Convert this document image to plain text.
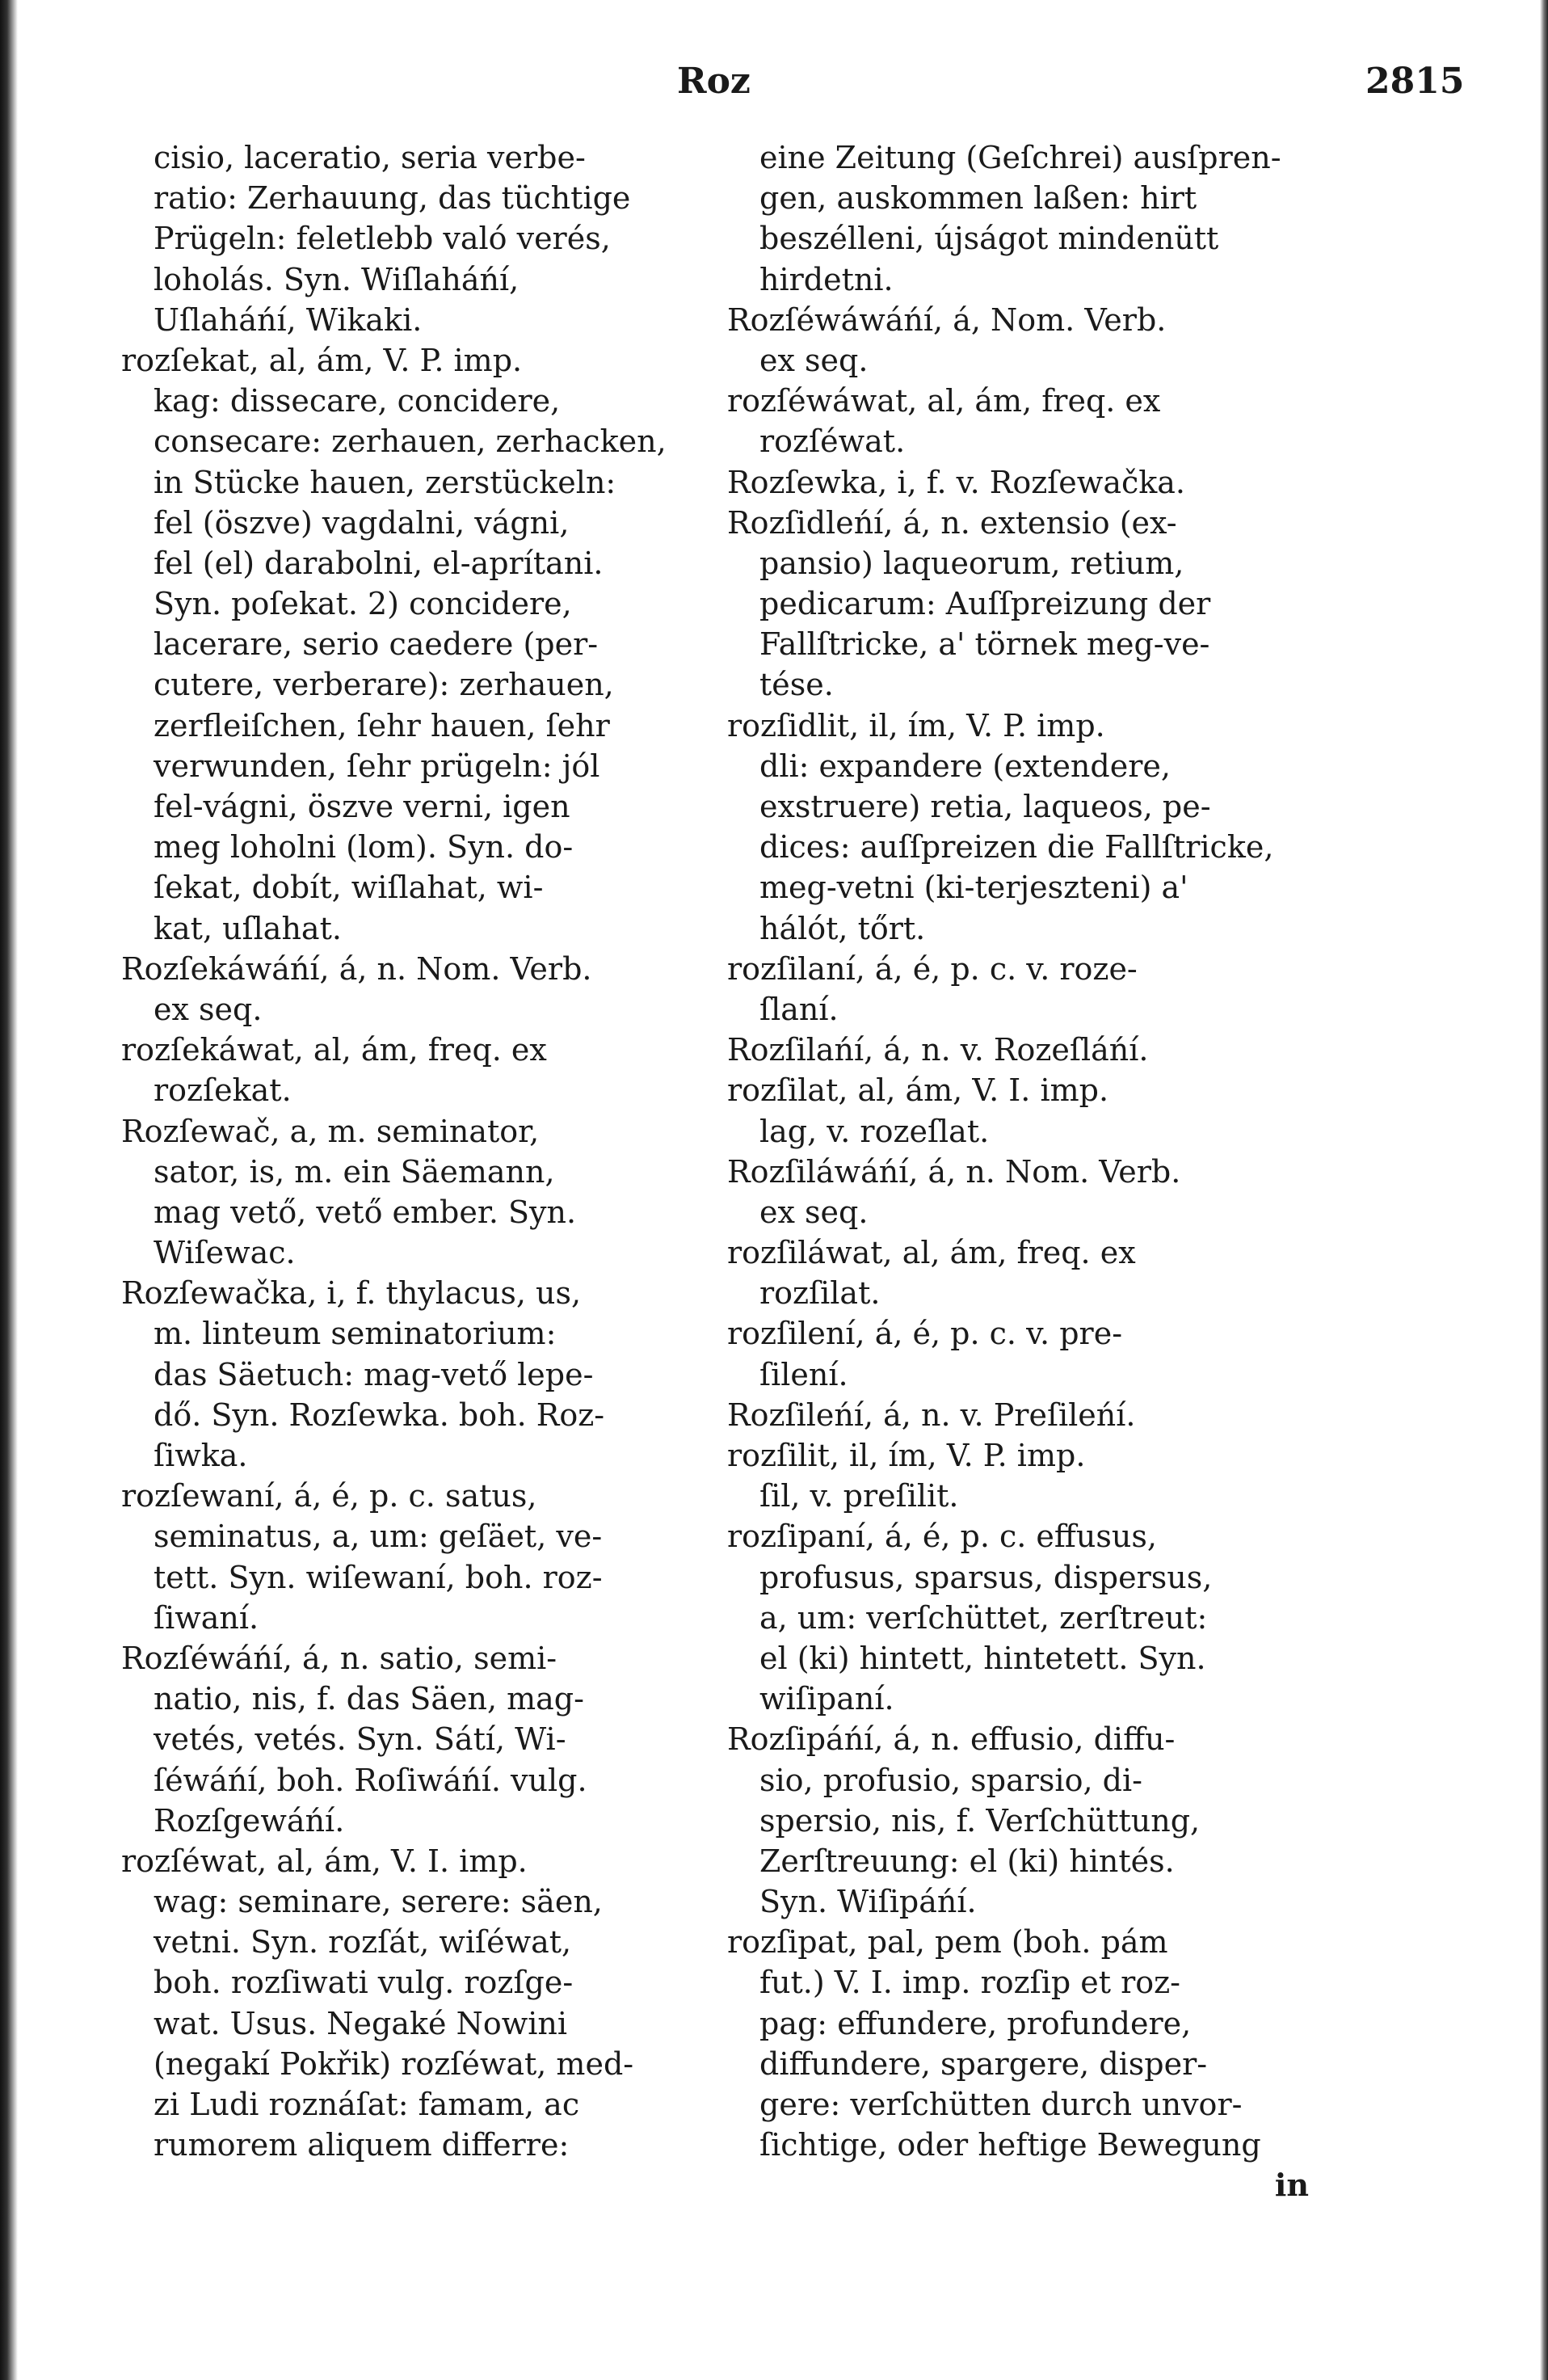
Roz	2815
cisio, laceratio, seria verbe-
ratio: Zerhauung, das tüchtige
Prügeln: feletlebb való verés,
loholás. Syn. Wiſlaháńí,
Uſlaháńí, Wikaki.
rozſekat, al, ám, V. P. imp.
kag: dissecare, concidere,
consecare: zerhauen, zerhacken,
in Stücke hauen, zerstückeln:
fel (öszve) vagdalni, vágni,
fel (el) darabolni, el-aprítani.
Syn. poſekat. 2) concidere,
lacerare, serio caedere (per-
cutere, verberare): zerhauen,
zerfleiſchen, ſehr hauen, ſehr
verwunden, ſehr prügeln: jól
fel-vágni, öszve verni, igen
meg loholni (lom). Syn. do-
ſekat, dobít, wiſlahat, wi-
kat, uſlahat.
Rozſekáwáńí, á, n. Nom. Verb.
ex seq.
rozſekáwat, al, ám, freq. ex
rozſekat.
Rozſewač, a, m. seminator,
sator, is, m. ein Säemann,
mag vető, vető ember. Syn.
Wiſewac.
Rozſewačka, i, f. thylacus, us,
m. linteum seminatorium:
das Säetuch: mag-vető lepe-
dő. Syn. Rozſewka. boh. Roz-
ſiwka.
rozſewaní, á, é, p. c. satus,
seminatus, a, um: geſäet, ve-
tett. Syn. wiſewaní, boh. roz-
ſiwaní.
Rozſéwáńí, á, n. satio, semi-
natio, nis, f. das Säen, mag-
vetés, vetés. Syn. Sátí, Wi-
ſéwáńí, boh. Roſiwáńí. vulg.
Rozſgewáńí.
rozſéwat, al, ám, V. I. imp.
wag: seminare, serere: säen,
vetni. Syn. rozſát, wiſéwat,
boh. rozſiwati vulg. rozſge-
wat. Usus. Negaké Nowini
(negakí Pokřik) rozſéwat, med-
zi Ludi roznáſat: famam, ac
rumorem aliquem differre:
eine Zeitung (Geſchrei) ausſpren-
gen, auskommen laßen: hirt
beszélleni, újságot mindenütt
hirdetni.
Rozſéwáwáńí, á, Nom. Verb.
ex seq.
rozſéwáwat, al, ám, freq. ex
rozſéwat.
Rozſewka, i, f. v. Rozſewačka.
Rozſidleńí, á, n. extensio (ex-
pansio) laqueorum, retium,
pedicarum: Auſſpreizung der
Fallſtricke, a' törnek meg-ve-
tése.
rozſidlit, il, ím, V. P. imp.
dli: expandere (extendere,
exstruere) retia, laqueos, pe-
dices: auſſpreizen die Fallſtricke,
meg-vetni (ki-terjeszteni) a'
hálót, tőrt.
rozſilaní, á, é, p. c. v. roze-
ſlaní.
Rozſilańí, á, n. v. Rozeſláńí.
rozſilat, al, ám, V. I. imp.
lag, v. rozeſlat.
Rozſiláwáńí, á, n. Nom. Verb.
ex seq.
rozſiláwat, al, ám, freq. ex
rozſilat.
rozſilení, á, é, p. c. v. pre-
ſilení.
Rozſileńí, á, n. v. Preſileńí.
rozſilit, il, ím, V. P. imp.
ſil, v. preſilit.
rozſipaní, á, é, p. c. effusus,
profusus, sparsus, dispersus,
a, um: verſchüttet, zerſtreut:
el (ki) hintett, hintetett. Syn.
wiſipaní.
Rozſipáńí, á, n. effusio, diffu-
sio, profusio, sparsio, di-
spersio, nis, f. Verſchüttung,
Zerſtreuung: el (ki) hintés.
Syn. Wiſipáńí.
rozſipat, pal, pem (boh. pám
fut.) V. I. imp. rozſip et roz-
pag: effundere, profundere,
diffundere, spargere, disper-
gere: verſchütten durch unvor-
ſichtige, oder heftige Bewegung
in
